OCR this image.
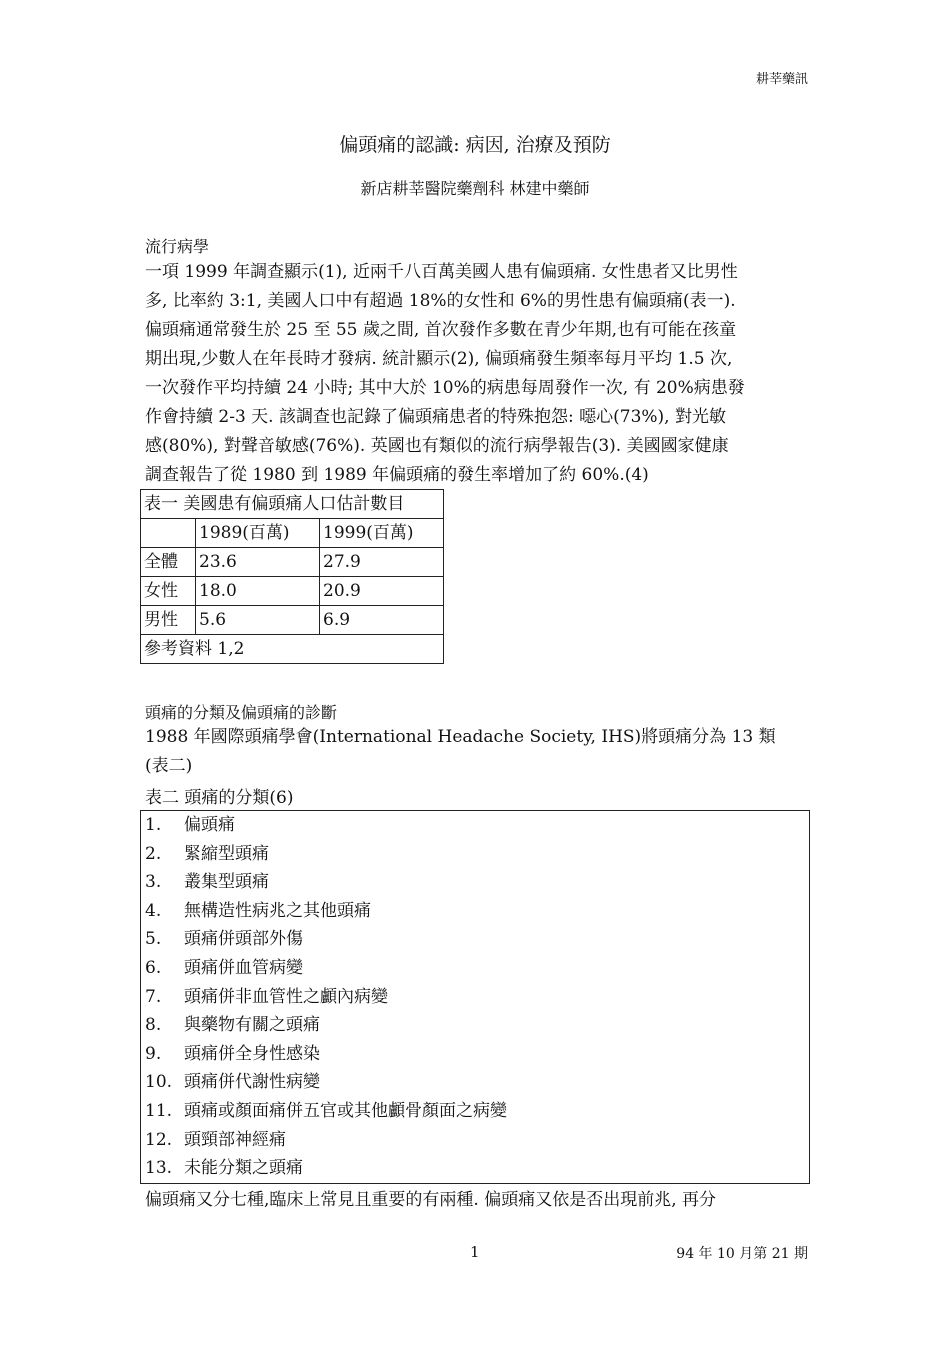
耕莘藥訊
偏頭痛的認識: 病因, 治療及預防
新店耕莘醫院藥劑科 林建中藥師
流行病學
一項 1999 年調查顯示(1), 近兩千八百萬美國人患有偏頭痛. 女性患者又比男性
多, 比率約 3:1, 美國人口中有超過 18%的女性和 6%的男性患有偏頭痛(表一).
偏頭痛通常發生於 25 至 55 歲之間, 首次發作多數在青少年期,也有可能在孩童
期出現,少數人在年長時才發病. 統計顯示(2), 偏頭痛發生頻率每月平均 1.5 次,
一次發作平均持續 24 小時; 其中大於 10%的病患每周發作一次, 有 20%病患發
作會持續 2-3 天. 該調查也記錄了偏頭痛患者的特殊抱怨: 噁心(73%), 對光敏
感(80%), 對聲音敏感(76%). 英國也有類似的流行病學報告(3). 美國國家健康
調查報告了從 1980 到 1989 年偏頭痛的發生率增加了約 60%.(4)
表一 美國患有偏頭痛人口估計數目		
	1989(百萬)	1999(百萬)
全體	23.6	27.9
女性	18.0	20.9
男性	5.6	6.9
參考資料 1,2		
頭痛的分類及偏頭痛的診斷
1988 年國際頭痛學會(International Headache Society, IHS)將頭痛分為 13 類
(表二)
表二 頭痛的分類(6)
1. 偏頭痛
2. 緊縮型頭痛
3. 叢集型頭痛
4. 無構造性病兆之其他頭痛
5. 頭痛併頭部外傷
6. 頭痛併血管病變
7. 頭痛併非血管性之顱內病變
8. 與藥物有關之頭痛
9. 頭痛併全身性感染
10. 頭痛併代謝性病變
11. 頭痛或顏面痛併五官或其他顱骨顏面之病變
12. 頭頸部神經痛
13. 未能分類之頭痛
偏頭痛又分七種,臨床上常見且重要的有兩種. 偏頭痛又依是否出現前兆, 再分
1	94 年 10 月第 21 期
